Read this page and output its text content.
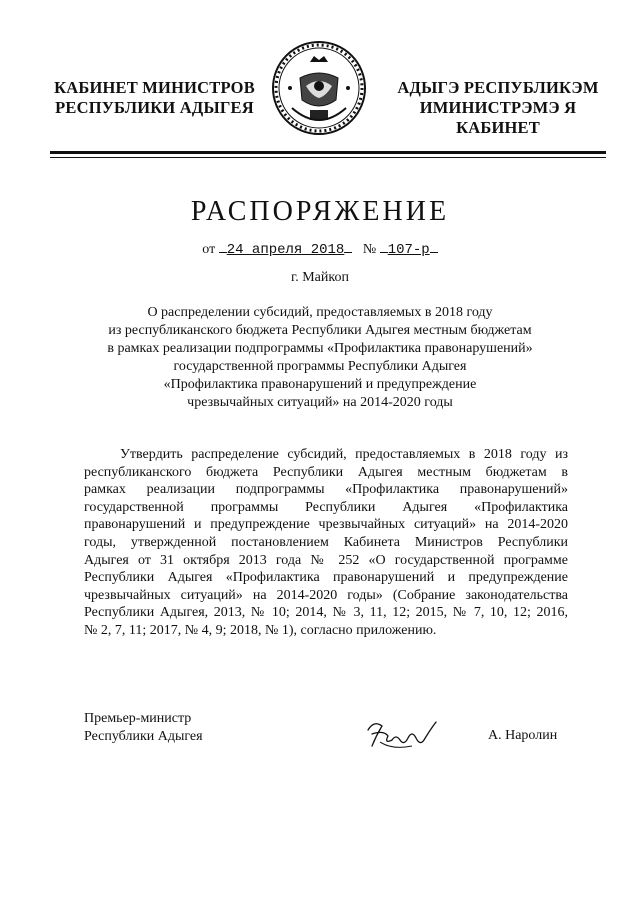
КАБИНЕТ МИНИСТРОВ
РЕСПУБЛИКИ АДЫГЕЯ
АДЫГЭ РЕСПУБЛИКЭМ
ИМИНИСТРЭМЭ Я КАБИНЕТ
РАСПОРЯЖЕНИЕ
от 24 апреля 2018 № 107-р
г. Майкоп
О распределении субсидий, предоставляемых в 2018 году
из республиканского бюджета Республики Адыгея местным бюджетам
в рамках реализации подпрограммы «Профилактика правонарушений»
государственной программы Республики Адыгея
«Профилактика правонарушений и предупреждение
чрезвычайных ситуаций» на 2014-2020 годы
Утвердить распределение субсидий, предоставляемых в 2018 году из
республиканского бюджета Республики Адыгея местным бюджетам в
рамках реализации подпрограммы «Профилактика правонарушений»
государственной программы Республики Адыгея «Профилактика
правонарушений и предупреждение чрезвычайных ситуаций» на 2014-2020
годы, утвержденной постановлением Кабинета Министров Республики
Адыгея от 31 октября 2013 года № 252 «О государственной программе
Республики Адыгея «Профилактика правонарушений и предупреждение
чрезвычайных ситуаций» на 2014-2020 годы» (Собрание законодательства
Республики Адыгея, 2013, № 10; 2014, № 3, 11, 12; 2015, № 7, 10, 12; 2016,
№ 2, 7, 11; 2017, № 4, 9; 2018, № 1), согласно приложению.
Премьер-министр
Республики Адыгея	А. Наролин
